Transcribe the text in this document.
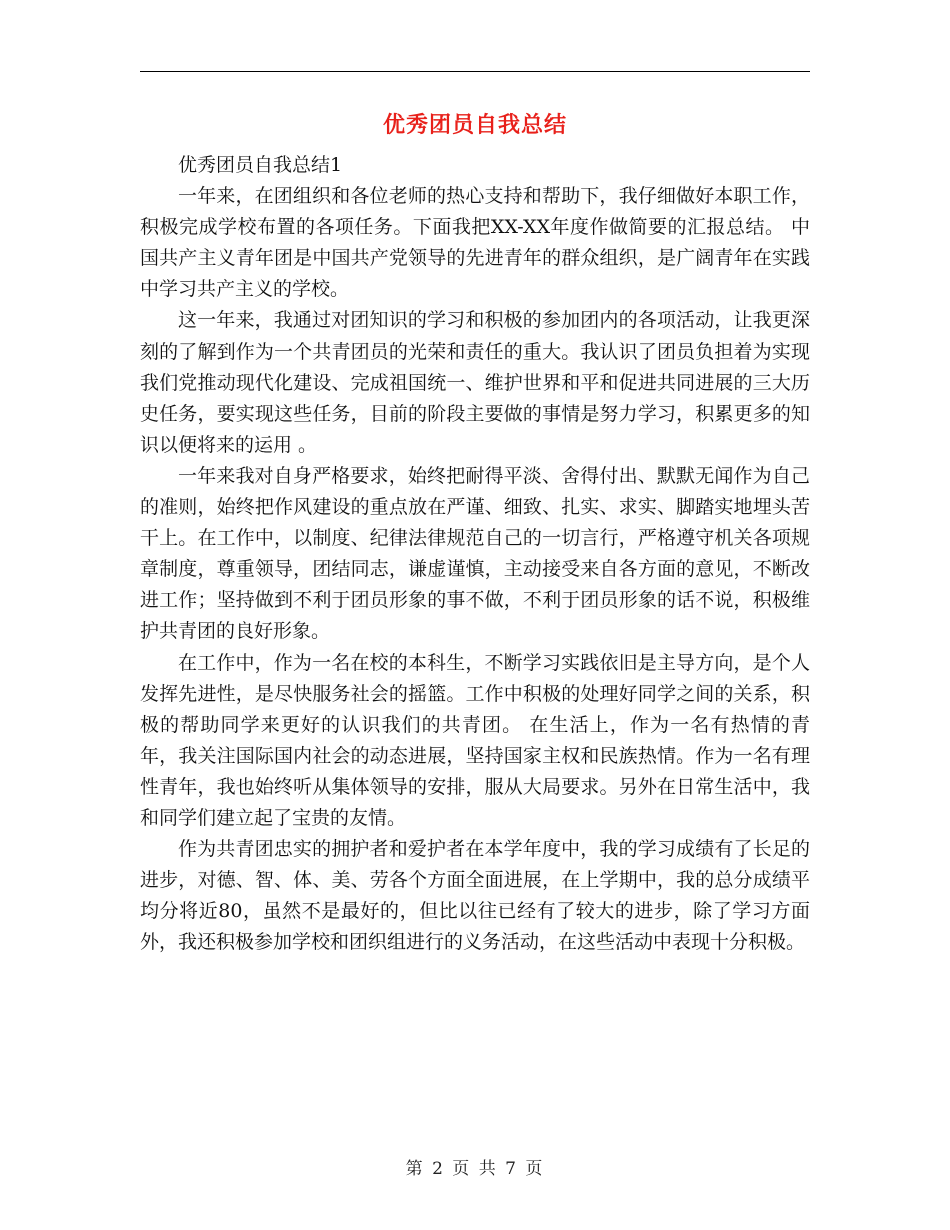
优秀团员自我总结

优秀团员自我总结1

一年来，在团组织和各位老师的热心支持和帮助下，我仔细做好本职工作，积极完成学校布置的各项任务。下面我把XX-XX年度作做简要的汇报总结。 中国共产主义青年团是中国共产党领导的先进青年的群众组织，是广阔青年在实践中学习共产主义的学校。

这一年来，我通过对团知识的学习和积极的参加团内的各项活动，让我更深刻的了解到作为一个共青团员的光荣和责任的重大。我认识了团员负担着为实现我们党推动现代化建设、完成祖国统一、维护世界和平和促进共同进展的三大历史任务，要实现这些任务，目前的阶段主要做的事情是努力学习，积累更多的知识以便将来的运用 。

一年来我对自身严格要求，始终把耐得平淡、舍得付出、默默无闻作为自己的准则，始终把作风建设的重点放在严谨、细致、扎实、求实、脚踏实地埋头苦干上。在工作中，以制度、纪律法律规范自己的一切言行，严格遵守机关各项规章制度，尊重领导，团结同志，谦虚谨慎，主动接受来自各方面的意见，不断改进工作；坚持做到不利于团员形象的事不做，不利于团员形象的话不说，积极维护共青团的良好形象。

在工作中，作为一名在校的本科生，不断学习实践依旧是主导方向，是个人发挥先进性，是尽快服务社会的摇篮。工作中积极的处理好同学之间的关系，积极的帮助同学来更好的认识我们的共青团。 在生活上，作为一名有热情的青年，我关注国际国内社会的动态进展，坚持国家主权和民族热情。作为一名有理性青年，我也始终听从集体领导的安排，服从大局要求。另外在日常生活中，我和同学们建立起了宝贵的友情。

作为共青团忠实的拥护者和爱护者在本学年度中，我的学习成绩有了长足的进步，对德、智、体、美、劳各个方面全面进展，在上学期中，我的总分成绩平均分将近80，虽然不是最好的，但比以往已经有了较大的进步，除了学习方面外，我还积极参加学校和团织组进行的义务活动，在这些活动中表现十分积极。

第 2 页 共 7 页
